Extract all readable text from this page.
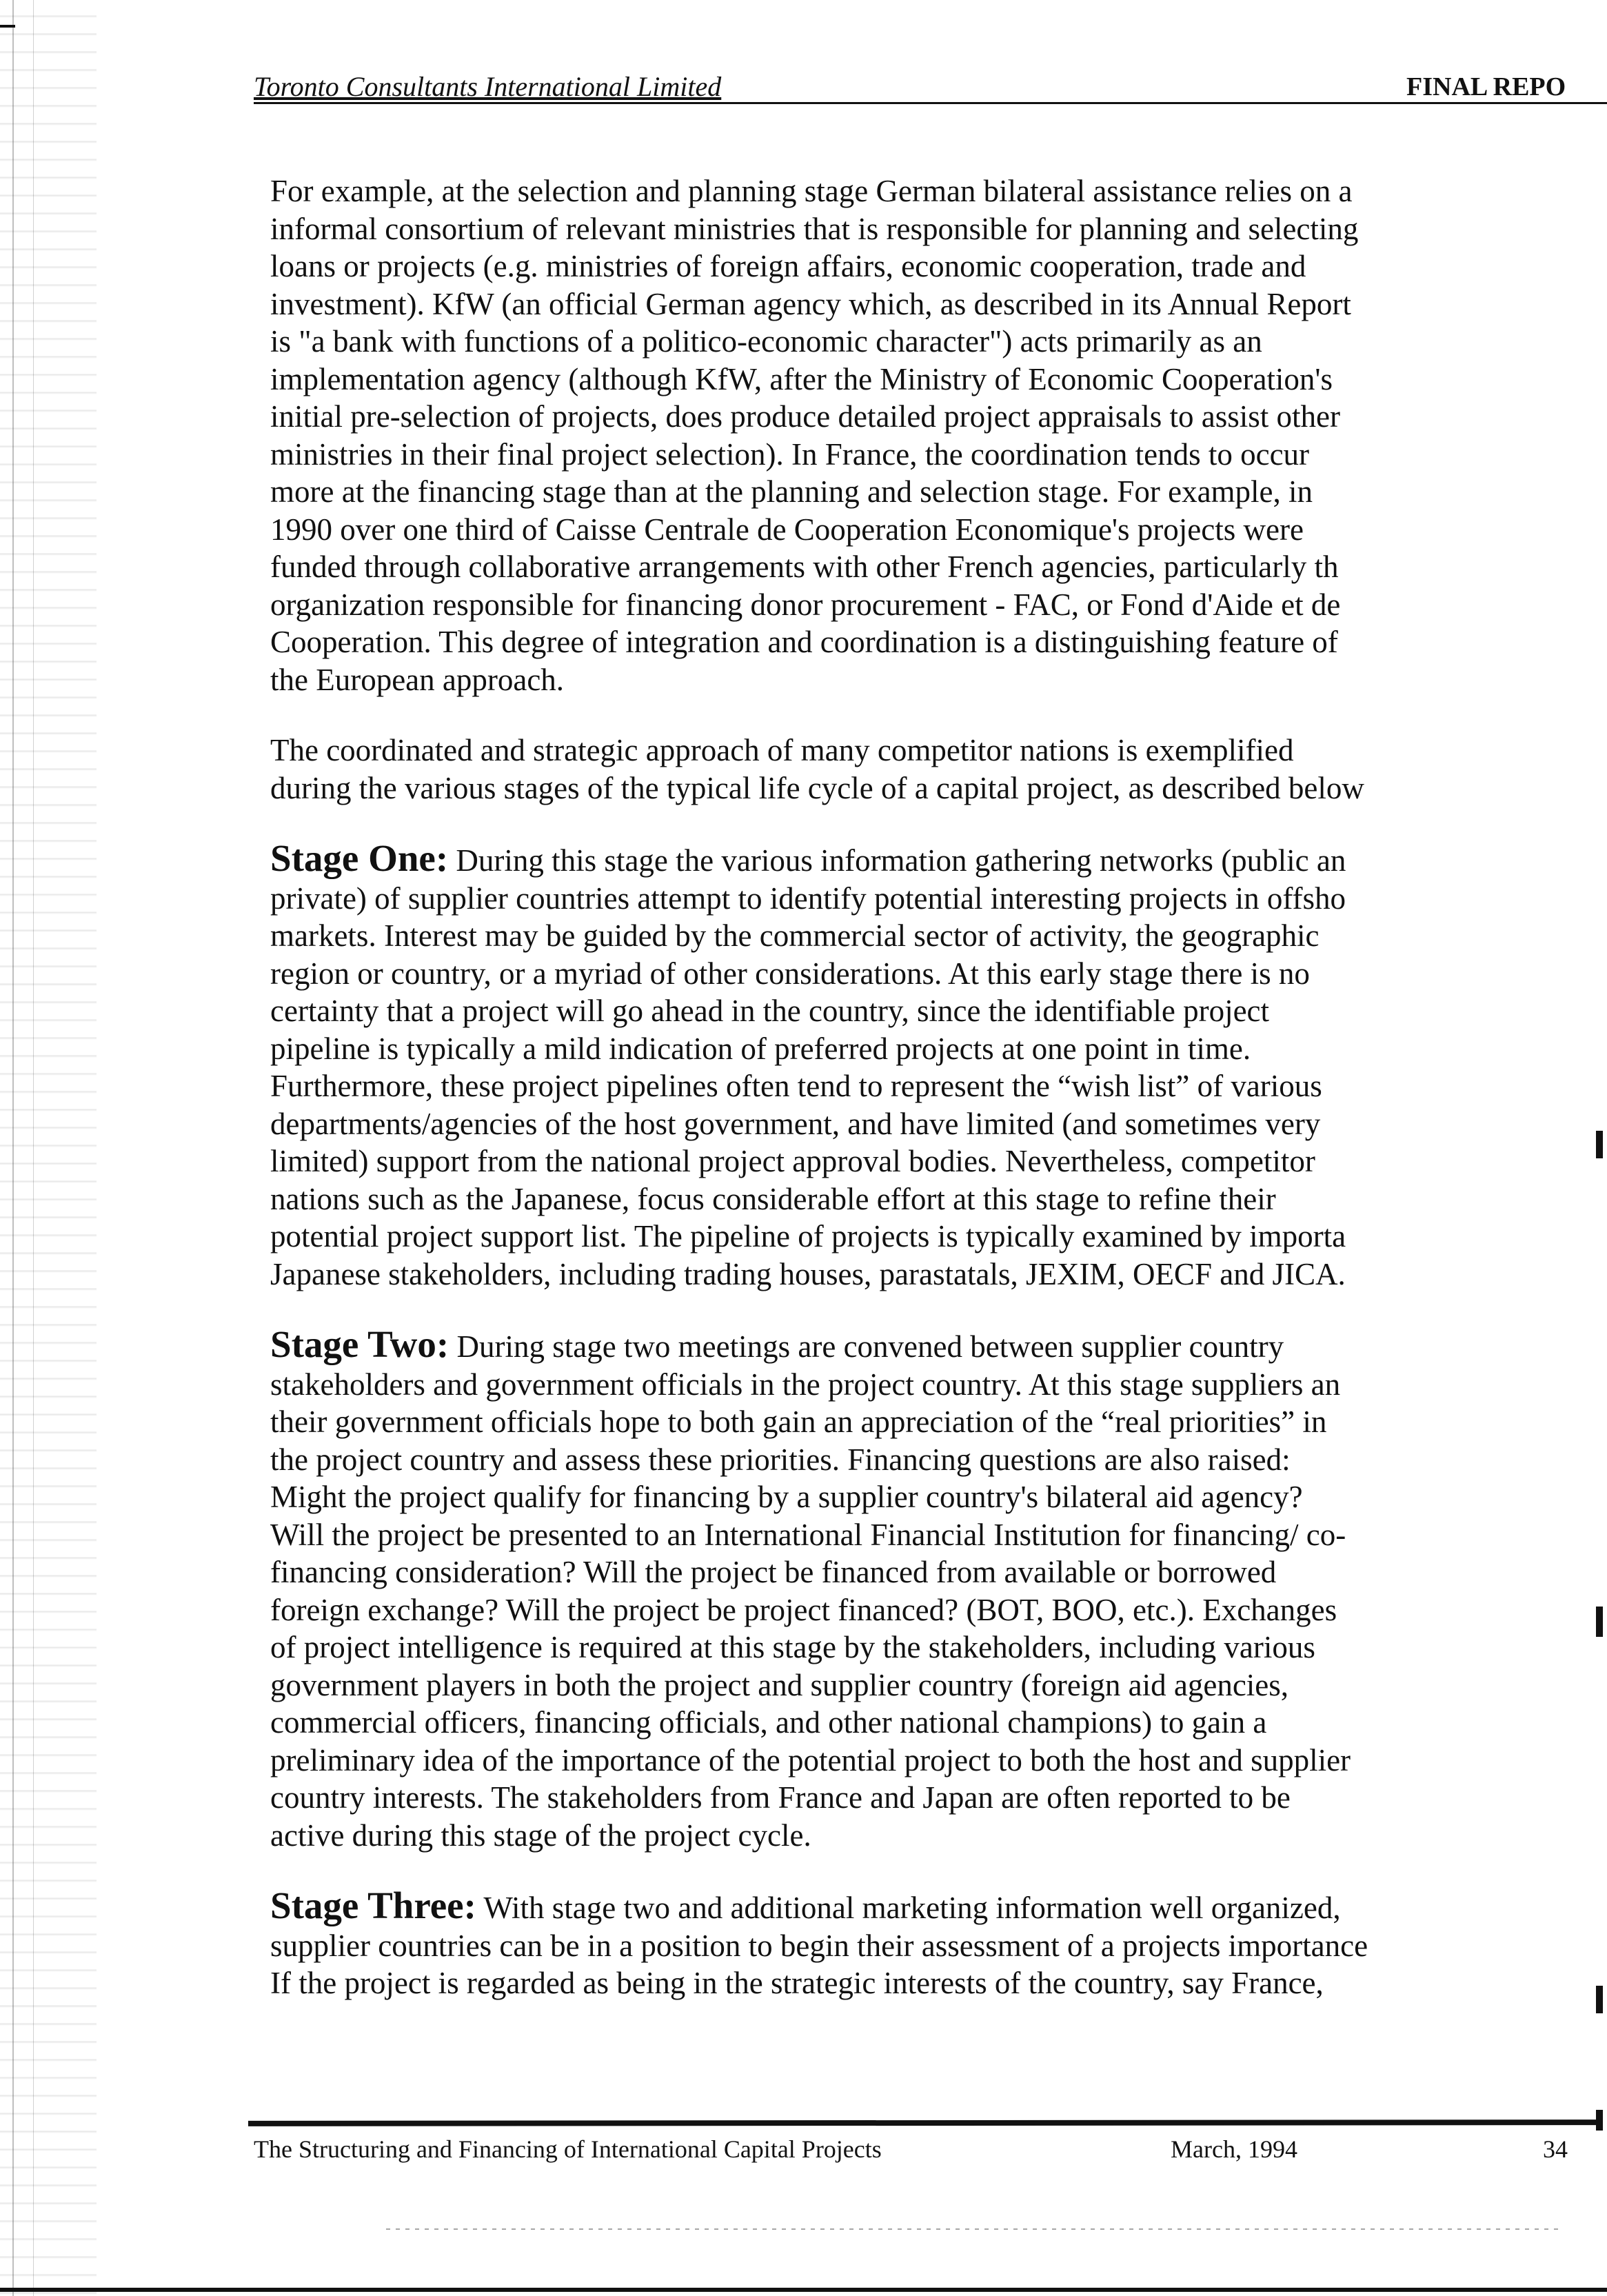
Toronto Consultants International Limited	FINAL REPO
For example, at the selection and planning stage German bilateral assistance relies on a
informal consortium of relevant ministries that is responsible for planning and selecting
loans or projects (e.g. ministries of foreign affairs, economic cooperation, trade and
investment). KfW (an official German agency which, as described in its Annual Report
is "a bank with functions of a politico-economic character") acts primarily as an
implementation agency (although KfW, after the Ministry of Economic Cooperation's
initial pre-selection of projects, does produce detailed project appraisals to assist other
ministries in their final project selection). In France, the coordination tends to occur
more at the financing stage than at the planning and selection stage. For example, in
1990 over one third of Caisse Centrale de Cooperation Economique's projects were
funded through collaborative arrangements with other French agencies, particularly th
organization responsible for financing donor procurement - FAC, or Fond d'Aide et de
Cooperation. This degree of integration and coordination is a distinguishing feature of
the European approach.
The coordinated and strategic approach of many competitor nations is exemplified
during the various stages of the typical life cycle of a capital project, as described below
Stage One: During this stage the various information gathering networks (public an
private) of supplier countries attempt to identify potential interesting projects in offsho
markets. Interest may be guided by the commercial sector of activity, the geographic
region or country, or a myriad of other considerations. At this early stage there is no
certainty that a project will go ahead in the country, since the identifiable project
pipeline is typically a mild indication of preferred projects at one point in time.
Furthermore, these project pipelines often tend to represent the “wish list” of various
departments/agencies of the host government, and have limited (and sometimes very
limited) support from the national project approval bodies. Nevertheless, competitor
nations such as the Japanese, focus considerable effort at this stage to refine their
potential project support list. The pipeline of projects is typically examined by importa
Japanese stakeholders, including trading houses, parastatals, JEXIM, OECF and JICA.
Stage Two: During stage two meetings are convened between supplier country
stakeholders and government officials in the project country. At this stage suppliers an
their government officials hope to both gain an appreciation of the “real priorities” in
the project country and assess these priorities. Financing questions are also raised:
Might the project qualify for financing by a supplier country's bilateral aid agency?
Will the project be presented to an International Financial Institution for financing/ co-
financing consideration? Will the project be financed from available or borrowed
foreign exchange? Will the project be project financed? (BOT, BOO, etc.). Exchanges
of project intelligence is required at this stage by the stakeholders, including various
government players in both the project and supplier country (foreign aid agencies,
commercial officers, financing officials, and other national champions) to gain a
preliminary idea of the importance of the potential project to both the host and supplier
country interests. The stakeholders from France and Japan are often reported to be
active during this stage of the project cycle.
Stage Three: With stage two and additional marketing information well organized,
supplier countries can be in a position to begin their assessment of a projects importance
If the project is regarded as being in the strategic interests of the country, say France,
The Structuring and Financing of International Capital Projects	March, 1994	34
